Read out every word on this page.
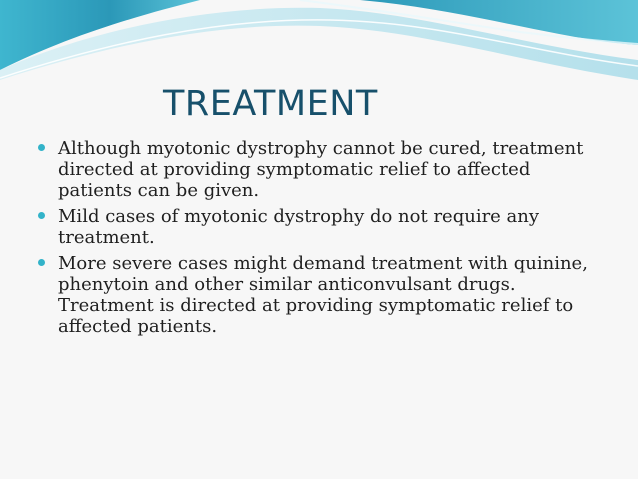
TREATMENT
Although myotonic dystrophy cannot be cured, treatment directed at providing symptomatic relief to affected patients can be given.
Mild cases of myotonic dystrophy do not require any treatment.
More severe cases might demand treatment with quinine, phenytoin and other similar anticonvulsant drugs. Treatment is directed at providing symptomatic relief to affected patients.
